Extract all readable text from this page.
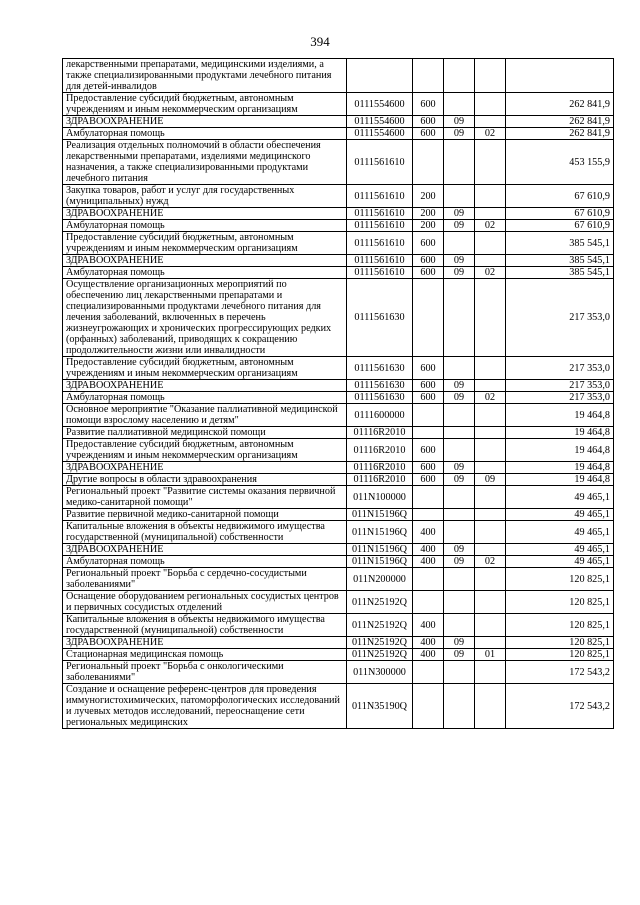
394
лекарственными препаратами, медицинскими изделиями, а также специализированными продуктами лечебного питания для детей-инвалидов					
Предоставление субсидий бюджетным, автономным учреждениям и иным некоммерческим организациям	0111554600	600			262 841,9
ЗДРАВООХРАНЕНИЕ	0111554600	600	09		262 841,9
Амбулаторная помощь	0111554600	600	09	02	262 841,9
Реализация отдельных полномочий в области обеспечения лекарственными препаратами, изделиями медицинского назначения, а также специализированными продуктами лечебного питания	0111561610				453 155,9
Закупка товаров, работ и услуг для государственных (муниципальных) нужд	0111561610	200			67 610,9
ЗДРАВООХРАНЕНИЕ	0111561610	200	09		67 610,9
Амбулаторная помощь	0111561610	200	09	02	67 610,9
Предоставление субсидий бюджетным, автономным учреждениям и иным некоммерческим организациям	0111561610	600			385 545,1
ЗДРАВООХРАНЕНИЕ	0111561610	600	09		385 545,1
Амбулаторная помощь	0111561610	600	09	02	385 545,1
Осуществление организационных мероприятий по обеспечению лиц лекарственными препаратами и специализированными продуктами лечебного питания для лечения заболеваний, включенных в перечень жизнеугрожающих и хронических прогрессирующих редких (орфанных) заболеваний, приводящих к сокращению продолжительности жизни или инвалидности	0111561630				217 353,0
Предоставление субсидий бюджетным, автономным учреждениям и иным некоммерческим организациям	0111561630	600			217 353,0
ЗДРАВООХРАНЕНИЕ	0111561630	600	09		217 353,0
Амбулаторная помощь	0111561630	600	09	02	217 353,0
Основное мероприятие "Оказание паллиативной медицинской помощи взрослому населению и детям"	0111600000				19 464,8
Развитие паллиативной медицинской помощи	01116R2010				19 464,8
Предоставление субсидий бюджетным, автономным учреждениям и иным некоммерческим организациям	01116R2010	600			19 464,8
ЗДРАВООХРАНЕНИЕ	01116R2010	600	09		19 464,8
Другие вопросы в области здравоохранения	01116R2010	600	09	09	19 464,8
Региональный проект "Развитие системы оказания первичной медико-санитарной помощи"	011N100000				49 465,1
Развитие первичной медико-санитарной помощи	011N15196Q				49 465,1
Капитальные вложения в объекты недвижимого имущества государственной (муниципальной) собственности	011N15196Q	400			49 465,1
ЗДРАВООХРАНЕНИЕ	011N15196Q	400	09		49 465,1
Амбулаторная помощь	011N15196Q	400	09	02	49 465,1
Региональный проект "Борьба с сердечно-сосудистыми заболеваниями"	011N200000				120 825,1
Оснащение оборудованием региональных сосудистых центров и первичных сосудистых отделений	011N25192Q				120 825,1
Капитальные вложения в объекты недвижимого имущества государственной (муниципальной) собственности	011N25192Q	400			120 825,1
ЗДРАВООХРАНЕНИЕ	011N25192Q	400	09		120 825,1
Стационарная медицинская помощь	011N25192Q	400	09	01	120 825,1
Региональный проект "Борьба с онкологическими заболеваниями"	011N300000				172 543,2
Создание и оснащение референс-центров для проведения иммуногистохимических, патоморфологических исследований и лучевых методов исследований, переоснащение сети региональных медицинских	011N35190Q				172 543,2
